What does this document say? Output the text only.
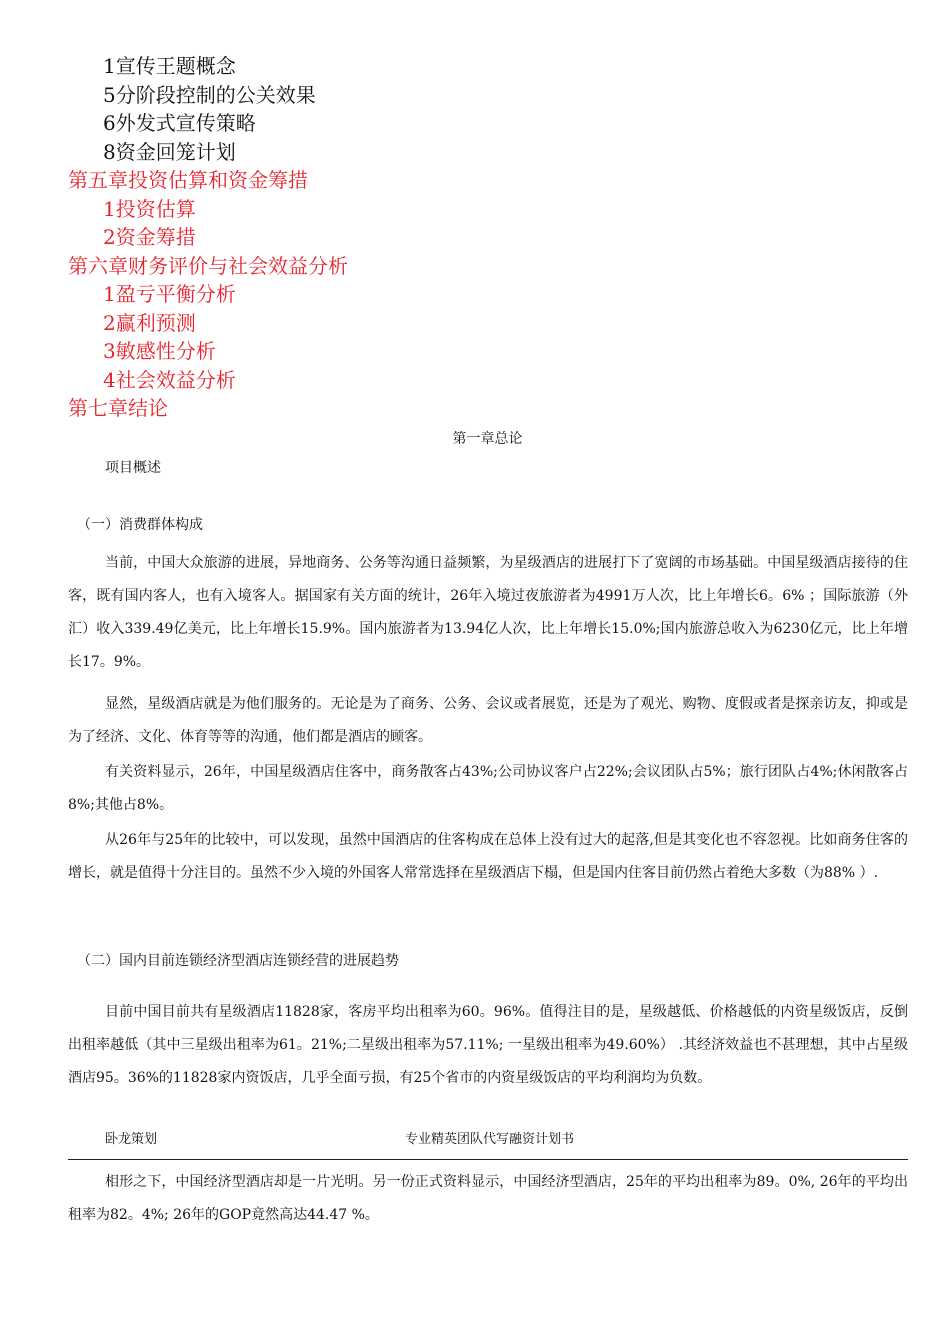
1宣传王题概念
5分阶段控制的公关效果
6外发式宣传策略
8资金回笼计划
第五章投资估算和资金筹措
1投资估算
2资金筹措
第六章财务评价与社会效益分析
1盈亏平衡分析
2赢利预测
3敏感性分析
4社会效益分析
第七章结论
第一章总论
项目概述
（一）消费群体构成

当前，中国大众旅游的进展，异地商务、公务等沟通日益频繁，为星级酒店的进展打下了宽阔的市场基础。中国星级酒店接待的住客，既有国内客人，也有入境客人。据国家有关方面的统计，26年入境过夜旅游者为4991万人次，比上年增长6。6% ；国际旅游（外汇）收入339.49亿美元，比上年增长15.9%。国内旅游者为13.94亿人次，比上年增长15.0%;国内旅游总收入为6230亿元，比上年增长17。9%。

显然，星级酒店就是为他们服务的。无论是为了商务、公务、会议或者展览，还是为了观光、购物、度假或者是探亲访友，抑或是为了经济、文化、体育等等的沟通，他们都是酒店的顾客。

有关资料显示，26年，中国星级酒店住客中，商务散客占43%;公司协议客户占22%;会议团队占5%；旅行团队占4%;休闲散客占8%;其他占8%。

从26年与25年的比较中，可以发现，虽然中国酒店的住客构成在总体上没有过大的起落,但是其变化也不容忽视。比如商务住客的增长，就是值得十分注目的。虽然不少入境的外国客人常常选择在星级酒店下榻，但是国内住客目前仍然占着绝大多数（为88% ）.

（二）国内目前连锁经济型酒店连锁经营的进展趋势

目前中国目前共有星级酒店11828家，客房平均出租率为60。96%。值得注目的是，星级越低、价格越低的内资星级饭店，反倒出租率越低（其中三星级出租率为61。21%;二星级出租率为57.11%; 一星级出租率为49.60%） .其经济效益也不甚理想，其中占星级酒店95。36%的11828家内资饭店，几乎全面亏损，有25个省市的内资星级饭店的平均利润均为负数。

卧龙策划	专业精英团队代写融资计划书

相形之下，中国经济型酒店却是一片光明。另一份正式资料显示，中国经济型酒店，25年的平均出租率为89。0%, 26年的平均出租率为82。4%; 26年的GOP竟然高达44.47 %。
